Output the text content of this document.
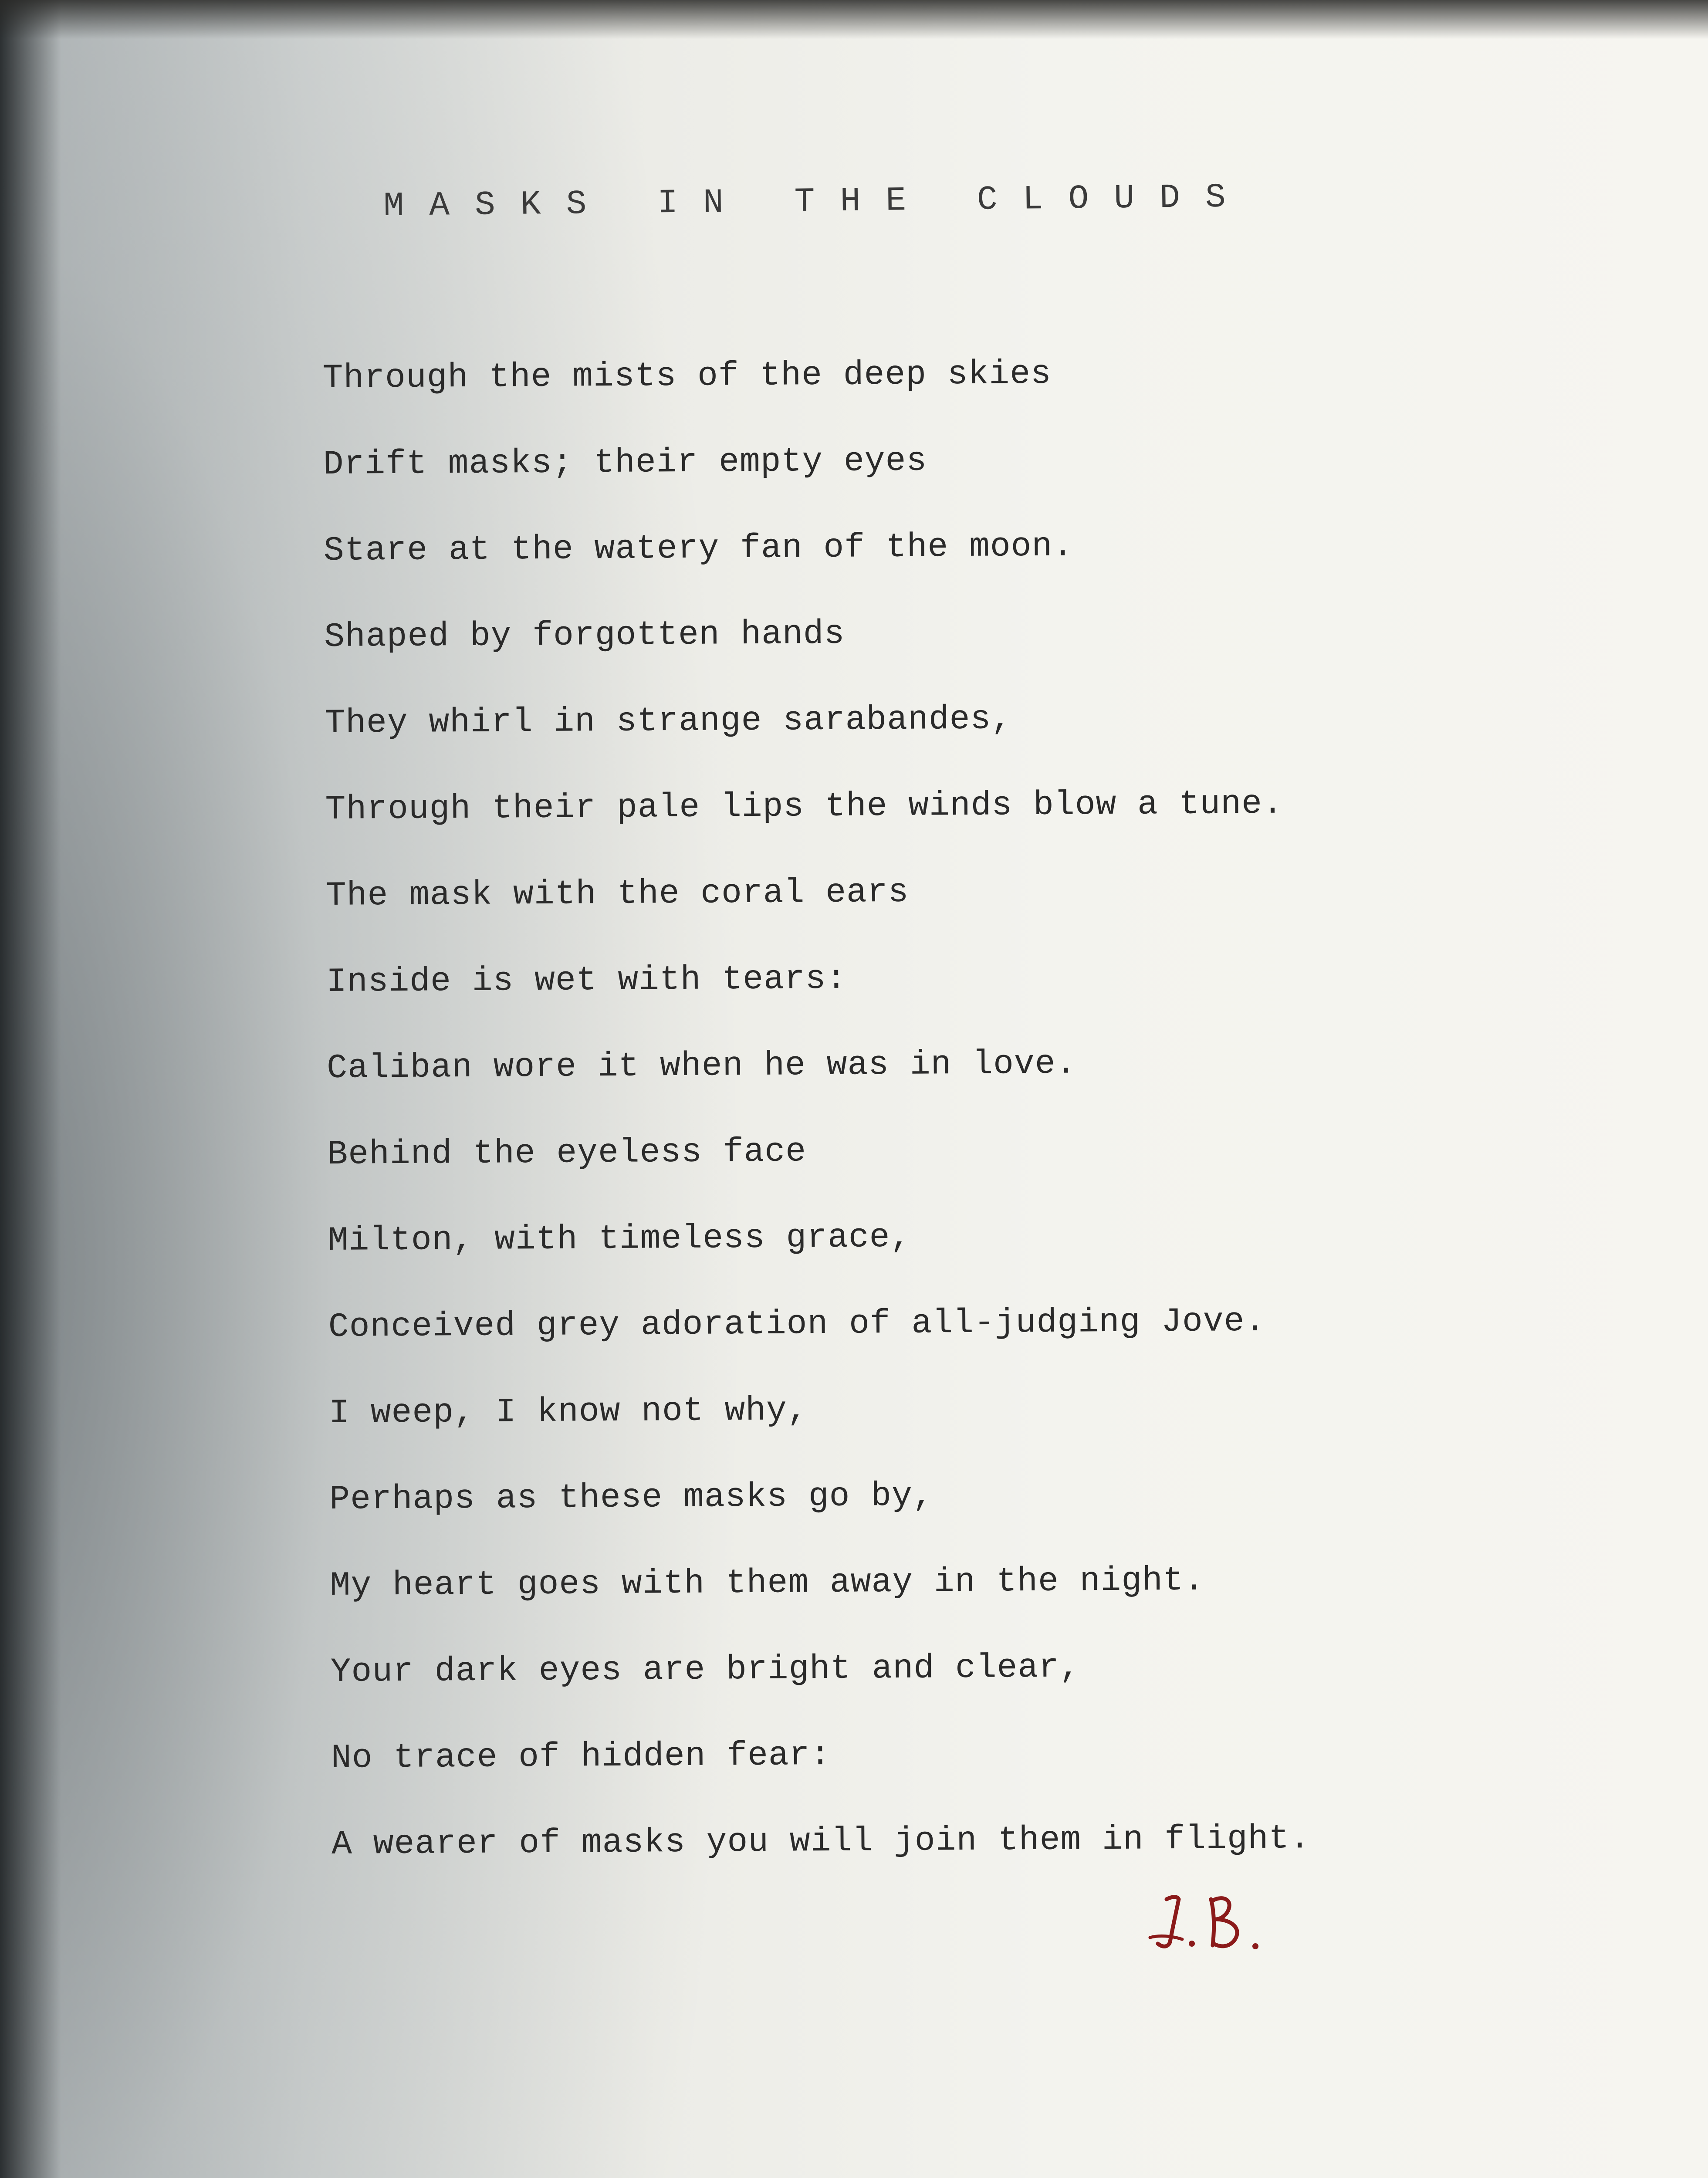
MASKS IN THE CLOUDS
Through the mists of the deep skies
Drift masks; their empty eyes
Stare at the watery fan of the moon.
Shaped by forgotten hands
They whirl in strange sarabandes,
Through their pale lips the winds blow a tune.
The mask with the coral ears
Inside is wet with tears:
Caliban wore it when he was in love.
Behind the eyeless face
Milton, with timeless grace,
Conceived grey adoration of all-judging Jove.
I weep, I know not why,
Perhaps as these masks go by,
My heart goes with them away in the night.
Your dark eyes are bright and clear,
No trace of hidden fear:
A wearer of masks you will join them in flight.
